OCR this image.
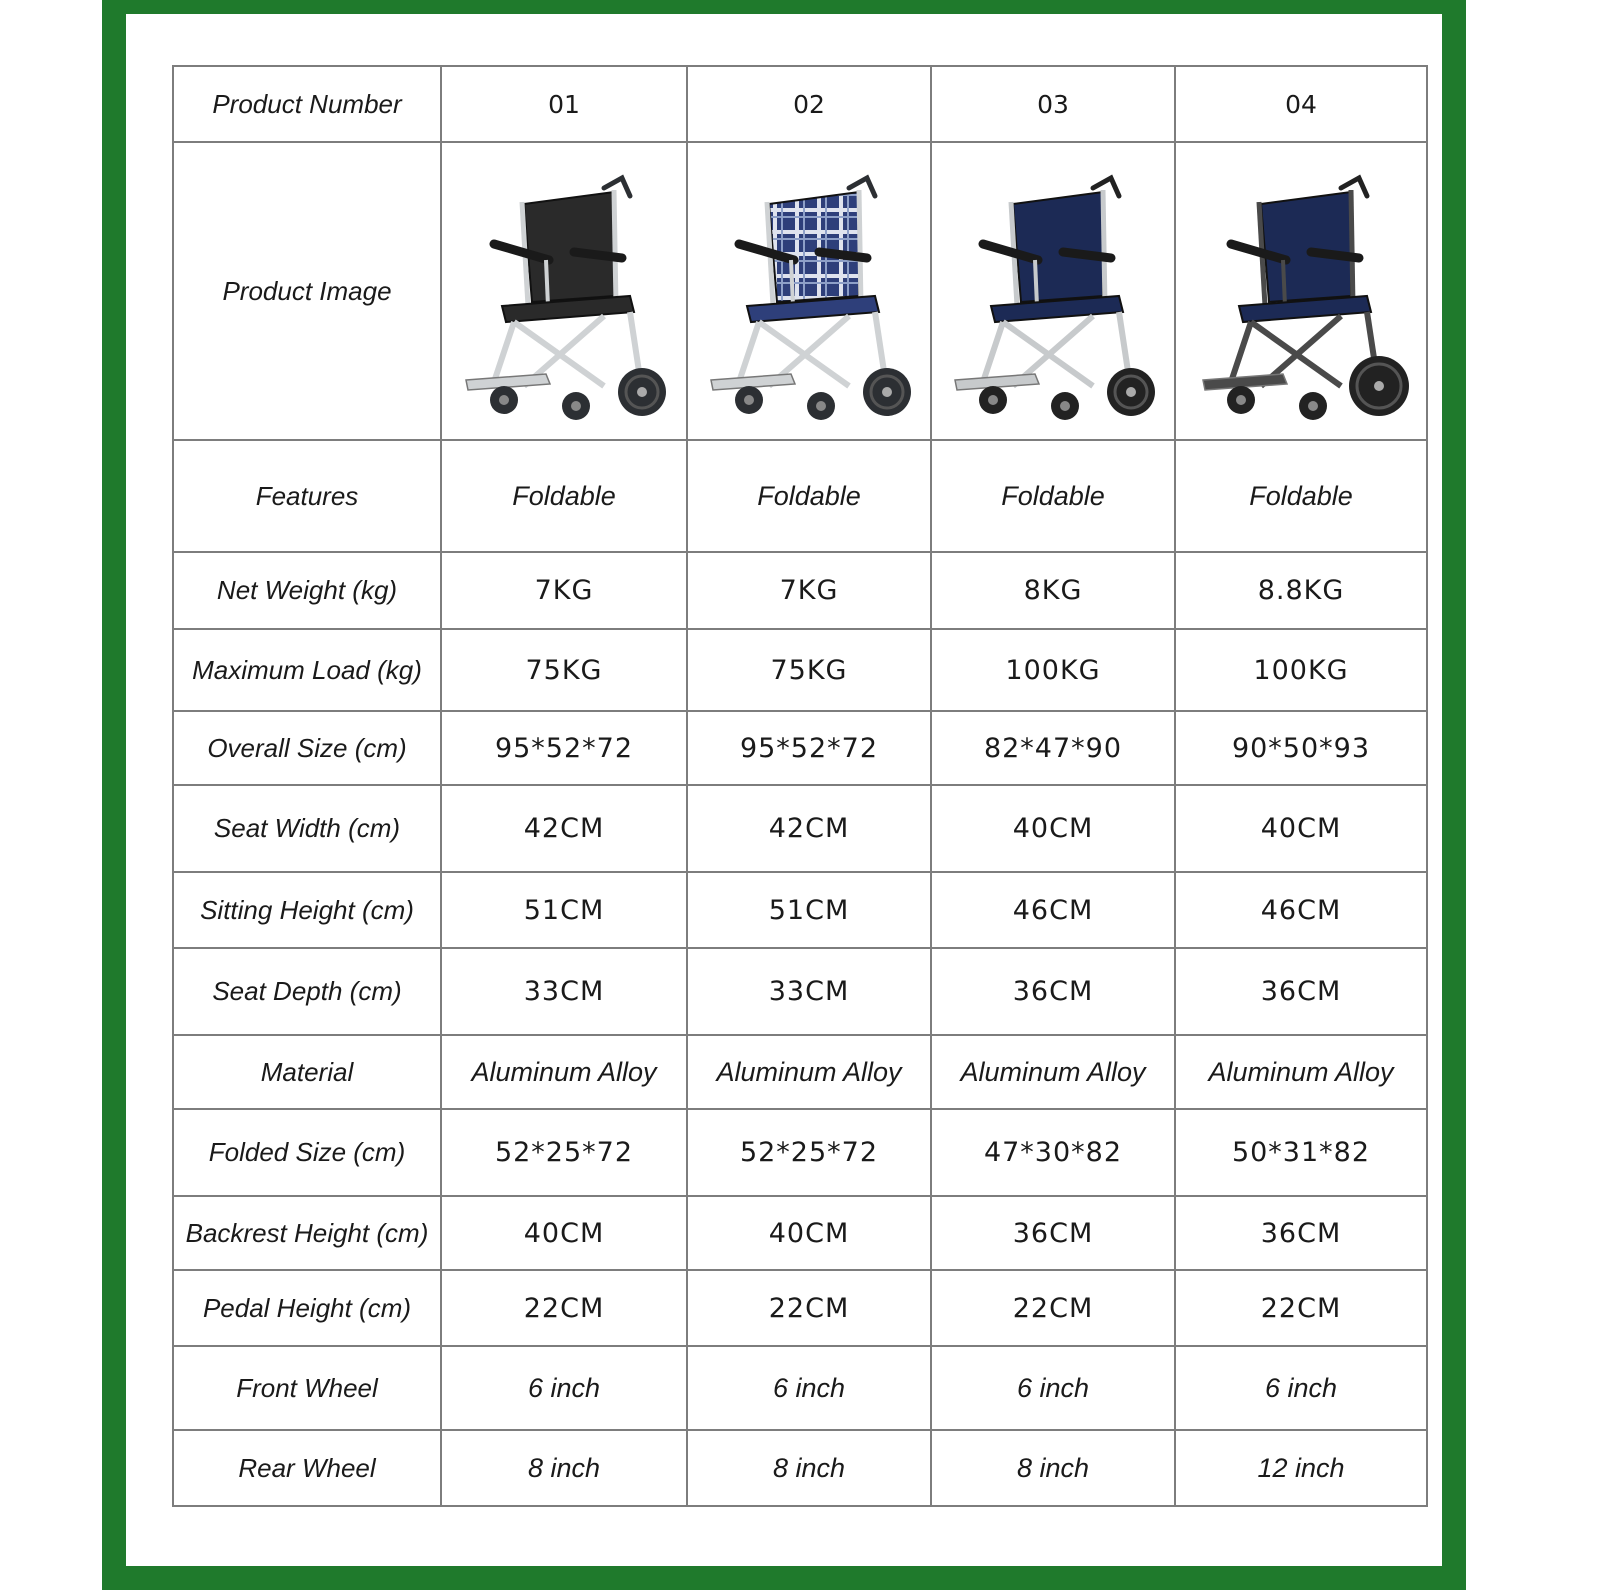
Product Number	01	02	03	04
Product Image	

Features	Foldable	Foldable	Foldable	Foldable
Net Weight (kg)	7KG	7KG	8KG	8.8KG
Maximum Load (kg)	75KG	75KG	100KG	100KG
Overall Size (cm)	95*52*72	95*52*72	82*47*90	90*50*93
Seat Width (cm)	42CM	42CM	40CM	40CM
Sitting Height (cm)	51CM	51CM	46CM	46CM
Seat Depth (cm)	33CM	33CM	36CM	36CM
Material	Aluminum Alloy	Aluminum Alloy	Aluminum Alloy	Aluminum Alloy
Folded Size (cm)	52*25*72	52*25*72	47*30*82	50*31*82
Backrest Height (cm)	40CM	40CM	36CM	36CM
Pedal Height (cm)	22CM	22CM	22CM	22CM
Front Wheel	6 inch	6 inch	6 inch	6 inch
Rear Wheel	8 inch	8 inch	8 inch	12 inch
